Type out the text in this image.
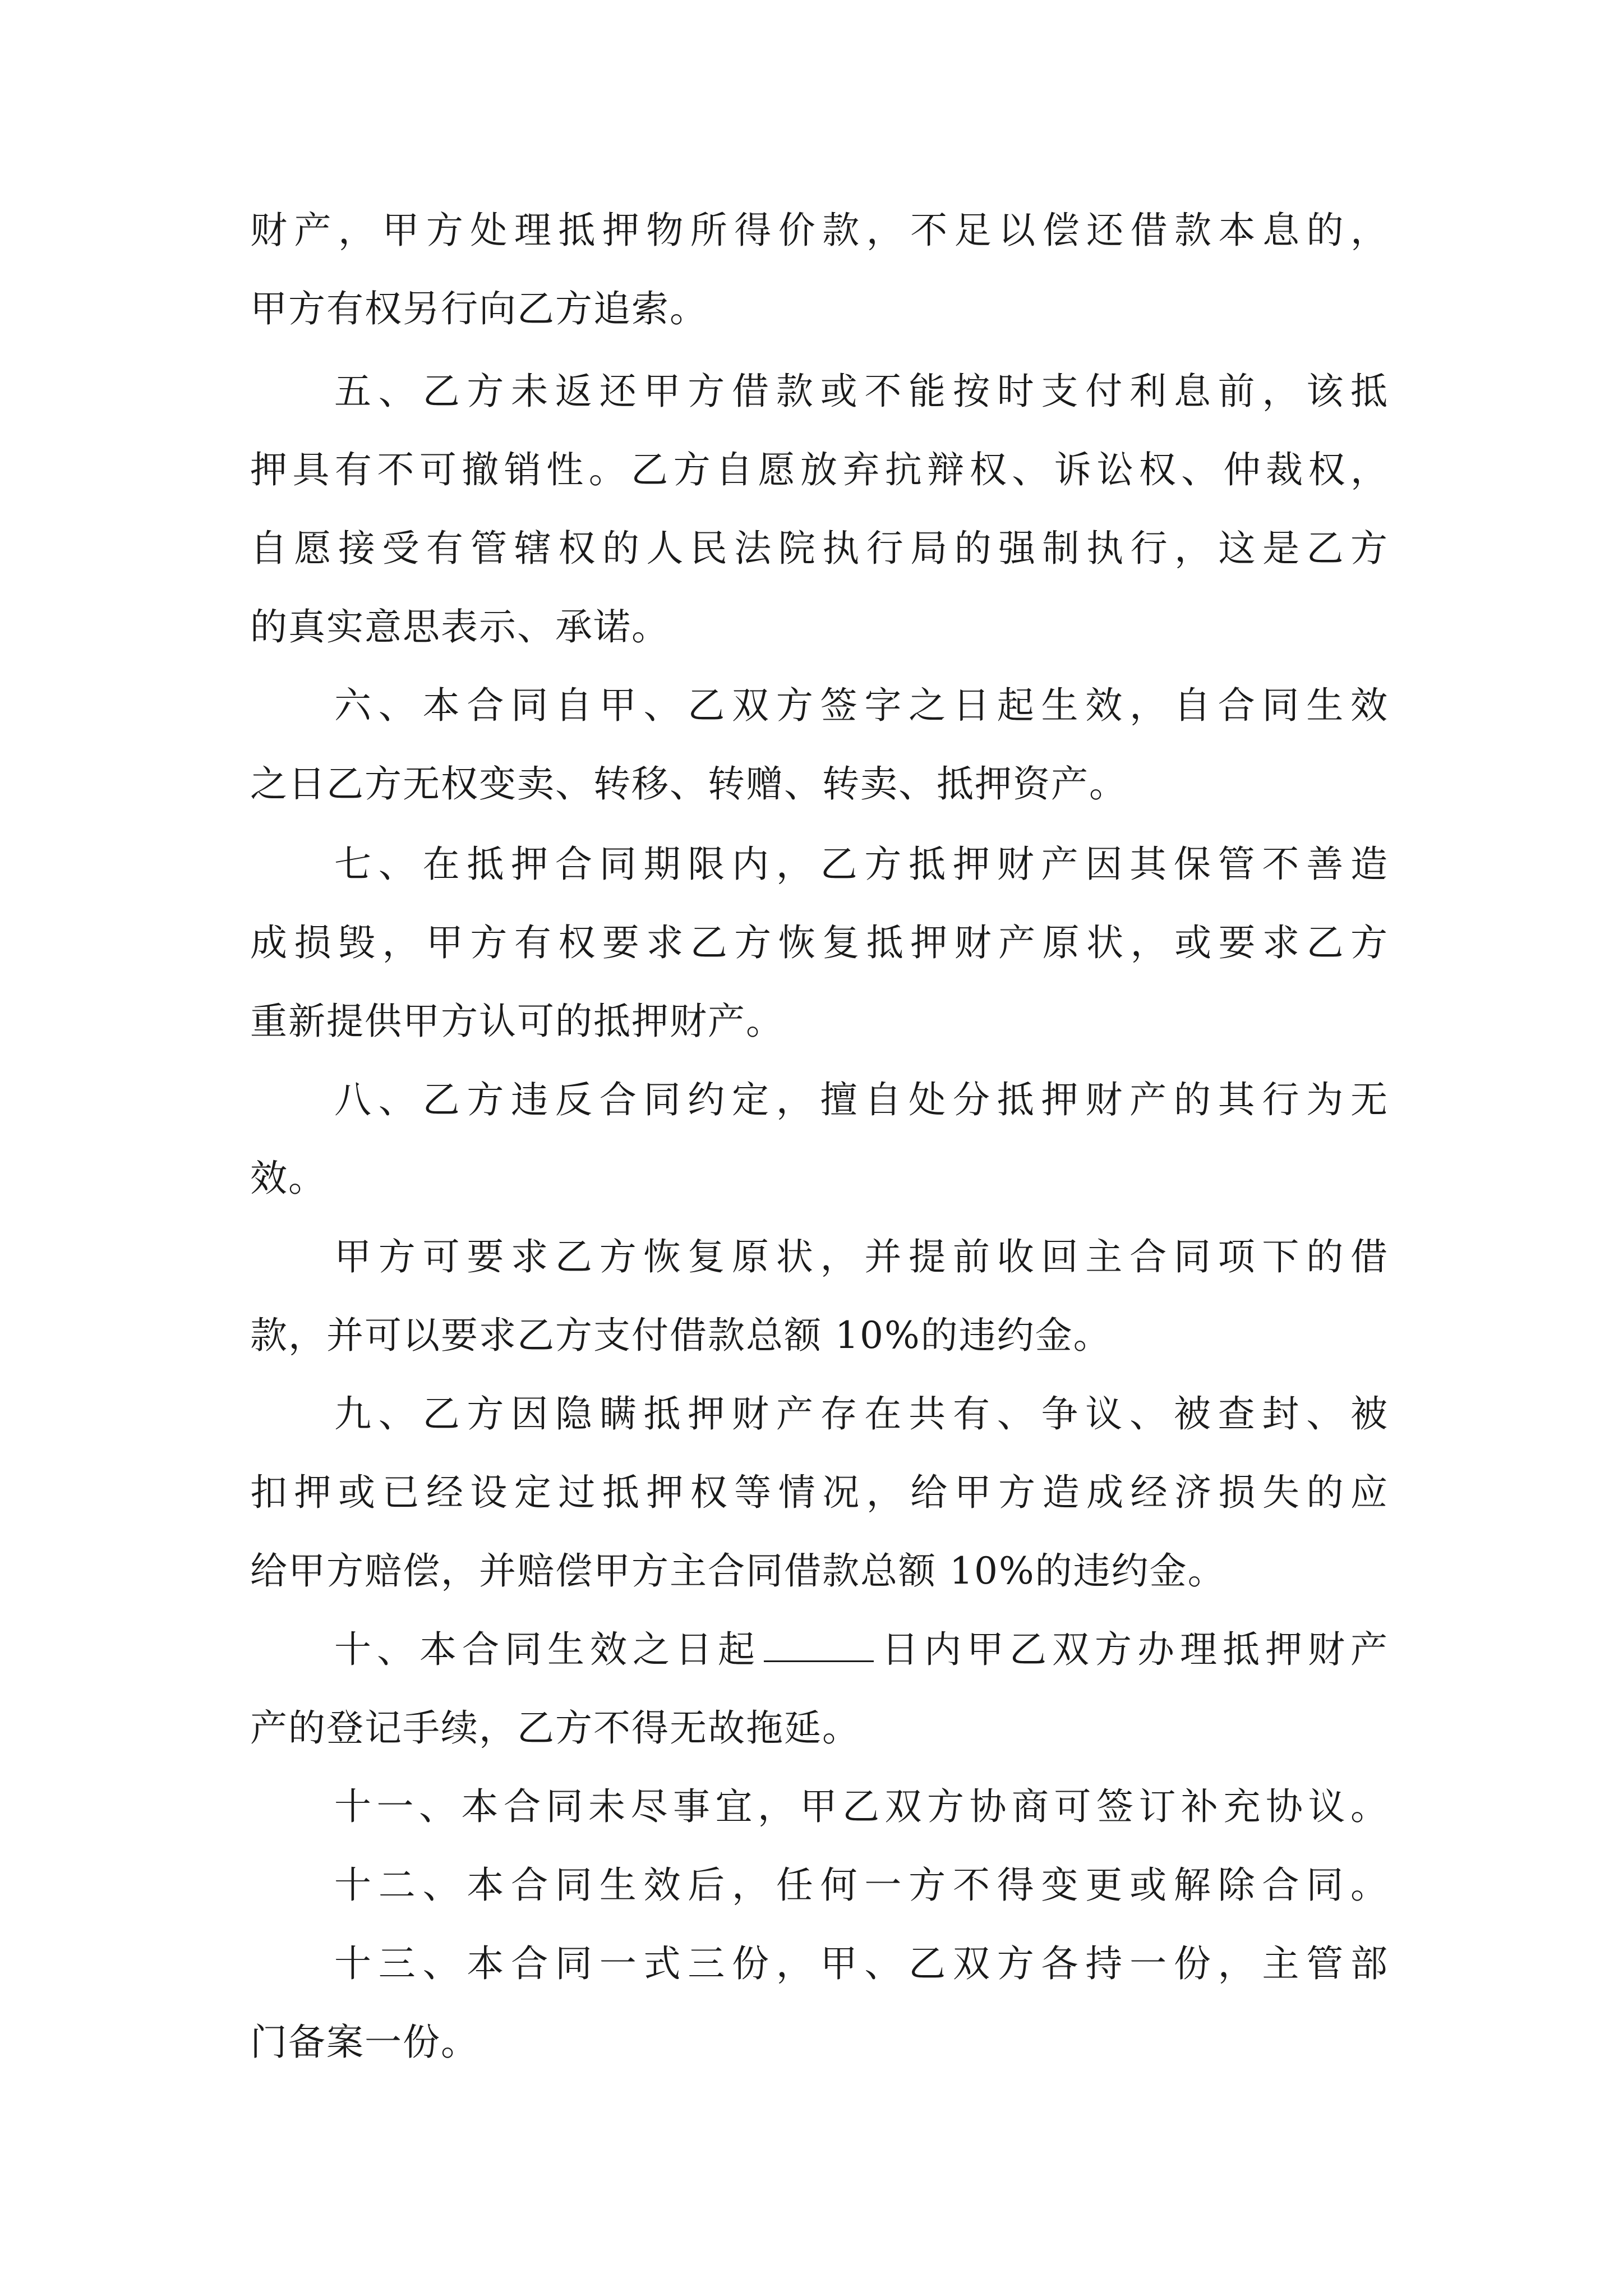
财产，甲方处理抵押物所得价款，不足以偿还借款本息的，
甲方有权另行向乙方追索。
五、乙方未返还甲方借款或不能按时支付利息前，该抵
押具有不可撤销性。乙方自愿放弃抗辩权、诉讼权、仲裁权，
自愿接受有管辖权的人民法院执行局的强制执行，这是乙方
的真实意思表示、承诺。
六、本合同自甲、乙双方签字之日起生效，自合同生效
之日乙方无权变卖、转移、转赠、转卖、抵押资产。
七、在抵押合同期限内，乙方抵押财产因其保管不善造
成损毁，甲方有权要求乙方恢复抵押财产原状，或要求乙方
重新提供甲方认可的抵押财产。
八、乙方违反合同约定，擅自处分抵押财产的其行为无
效。
甲方可要求乙方恢复原状，并提前收回主合同项下的借
款，并可以要求乙方支付借款总额 10%的违约金。
九、乙方因隐瞒抵押财产存在共有、争议、被查封、被
扣押或已经设定过抵押权等情况，给甲方造成经济损失的应
给甲方赔偿，并赔偿甲方主合同借款总额 10%的违约金。
十、本合同生效之日起	日内甲乙双方办理抵押财产
产的登记手续，乙方不得无故拖延。
十一、本合同未尽事宜，甲乙双方协商可签订补充协议。
十二、本合同生效后，任何一方不得变更或解除合同。
十三、本合同一式三份，甲、乙双方各持一份，主管部
门备案一份。
